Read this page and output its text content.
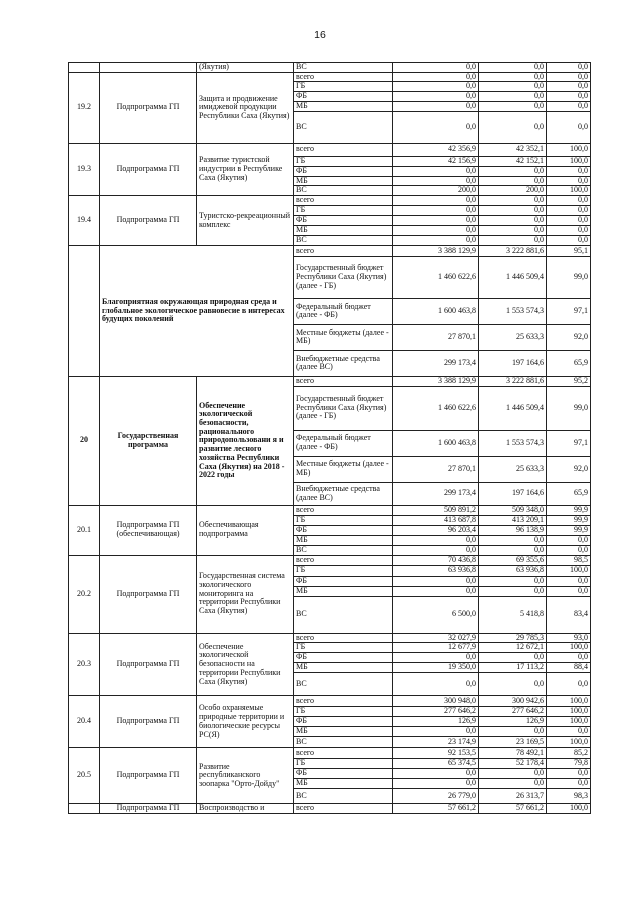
16
		(Якутия)	ВС	0,0	0,0	0,0
19.2	Подпрограмма ГП	Защита и продвижение имиджевой продукции Республики Саха (Якутия)	всего	0,0	0,0	0,0
			ГБ	0,0	0,0	0,0
			ФБ	0,0	0,0	0,0
			МБ	0,0	0,0	0,0
			ВС	0,0	0,0	0,0
19.3	Подпрограмма ГП	Развитие туристской индустрии в Республике Саха (Якутия)	всего	42 356,9	42 352,1	100,0
			ГБ	42 156,9	42 152,1	100,0
			ФБ	0,0	0,0	0,0
			МБ	0,0	0,0	0,0
			ВС	200,0	200,0	100,0
19.4	Подпрограмма ГП	Туристско-рекреационный комплекс	всего	0,0	0,0	0,0
			ГБ	0,0	0,0	0,0
			ФБ	0,0	0,0	0,0
			МБ	0,0	0,0	0,0
			ВС	0,0	0,0	0,0
	Благоприятная окружающая природная среда и глобальное экологическое равновесие в интересах будущих поколений		всего	3 388 129,9	3 222 881,6	95,1
			Государственный бюджет Республики Саха (Якутия) (далее - ГБ)	1 460 622,6	1 446 509,4	99,0
			Федеральный бюджет (далее - ФБ)	1 600 463,8	1 553 574,3	97,1
			Местные бюджеты (далее - МБ)	27 870,1	25 633,3	92,0
			Внебюджетные средства (далее ВС)	299 173,4	197 164,6	65,9
20	Государственная программа	Обеспечение экологической безопасности, рационального природопользовани я и развитие лесного хозяйства Республики Саха (Якутия) на 2018 - 2022 годы	всего	3 388 129,9	3 222 881,6	95,2
			Государственный бюджет Республики Саха (Якутия) (далее - ГБ)	1 460 622,6	1 446 509,4	99,0
			Федеральный бюджет (далее - ФБ)	1 600 463,8	1 553 574,3	97,1
			Местные бюджеты (далее - МБ)	27 870,1	25 633,3	92,0
			Внебюджетные средства (далее ВС)	299 173,4	197 164,6	65,9
20.1	Подпрограмма ГП (обеспечивающая)	Обеспечивающая подпрограмма	всего	509 891,2	509 348,0	99,9
			ГБ	413 687,8	413 209,1	99,9
			ФБ	96 203,4	96 138,9	99,9
			МБ	0,0	0,0	0,0
			ВС	0,0	0,0	0,0
20.2	Подпрограмма ГП	Государственная система экологического мониторинга на территории Республики Саха (Якутия)	всего	70 436,8	69 355,6	98,5
			ГБ	63 936,8	63 936,8	100,0
			ФБ	0,0	0,0	0,0
			МБ	0,0	0,0	0,0
			ВС	6 500,0	5 418,8	83,4
20.3	Подпрограмма ГП	Обеспечение экологической безопасности на территории Республики Саха (Якутия)	всего	32 027,9	29 785,3	93,0
			ГБ	12 677,9	12 672,1	100,0
			ФБ	0,0	0,0	0,0
			МБ	19 350,0	17 113,2	88,4
			ВС	0,0	0,0	0,0
20.4	Подпрограмма ГП	Особо охраняемые природные территории и биологические ресурсы РС(Я)	всего	300 948,0	300 942,6	100,0
			ГБ	277 646,2	277 646,2	100,0
			ФБ	126,9	126,9	100,0
			МБ	0,0	0,0	0,0
			ВС	23 174,9	23 169,5	100,0
20.5	Подпрограмма ГП	Развитие республиканского зоопарка "Орто-Дойду"	всего	92 153,5	78 492,1	85,2
			ГБ	65 374,5	52 178,4	79,8
			ФБ	0,0	0,0	0,0
			МБ	0,0	0,0	0,0
			ВС	26 779,0	26 313,7	98,3
	Подпрограмма ГП	Воспроизводство и	всего	57 661,2	57 661,2	100,0
